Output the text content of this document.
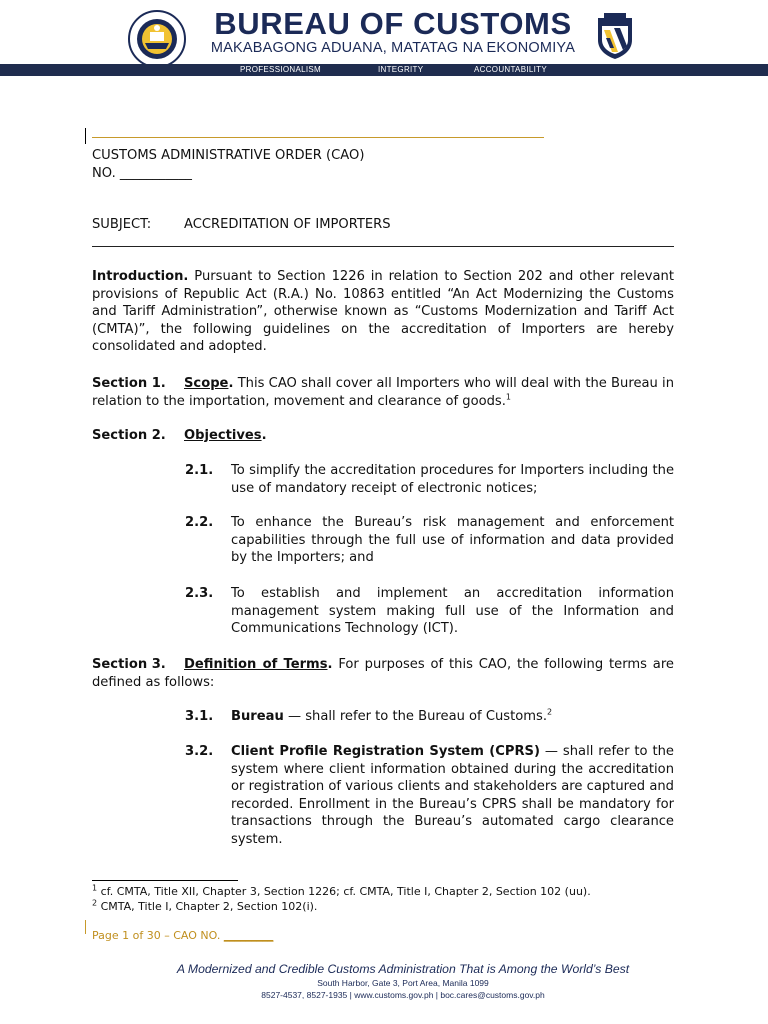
BUREAU OF CUSTOMS
MAKABAGONG ADUANA, MATATAG NA EKONOMIYA
PROFESSIONALISM	INTEGRITY	ACCOUNTABILITY

CUSTOMS ADMINISTRATIVE ORDER (CAO)

NO. ___________

SUBJECT:	ACCREDITATION OF IMPORTERS
Introduction. Pursuant to Section 1226 in relation to Section 202 and other relevant provisions of Republic Act (R.A.) No. 10863 entitled “An Act Modernizing the Customs and Tariff Administration”, otherwise known as “Customs Modernization and Tariff Act (CMTA)”, the following guidelines on the accreditation of Importers are hereby consolidated and adopted.
Section 1. Scope. This CAO shall cover all Importers who will deal with the Bureau in relation to the importation, movement and clearance of goods.$^1$
Section 2. Objectives.
2.1.	To simplify the accreditation procedures for Importers including the use of mandatory receipt of electronic notices;
2.2.	To enhance the Bureau’s risk management and enforcement capabilities through the full use of information and data provided by the Importers; and
2.3.	To establish and implement an accreditation information management system making full use of the Information and Communications Technology (ICT).
Section 3. Definition of Terms. For purposes of this CAO, the following terms are defined as follows:
3.1.	Bureau — shall refer to the Bureau of Customs.$^2$
3.2.	Client Profile Registration System (CPRS) — shall refer to the system where client information obtained during the accreditation or registration of various clients and stakeholders are captured and recorded. Enrollment in the Bureau’s CPRS shall be mandatory for transactions through the Bureau’s automated cargo clearance system.

$^1$ cf. CMTA, Title XII, Chapter 3, Section 1226; cf. CMTA, Title I, Chapter 2, Section 102 (uu).

$^2$ CMTA, Title I, Chapter 2, Section 102(i).

Page 1 of 30 – CAO NO. _________
A Modernized and Credible Customs Administration That is Among the World’s Best
South Harbor, Gate 3, Port Area, Manila 1099
8527-4537, 8527-1935 | www.customs.gov.ph | boc.cares@customs.gov.ph
